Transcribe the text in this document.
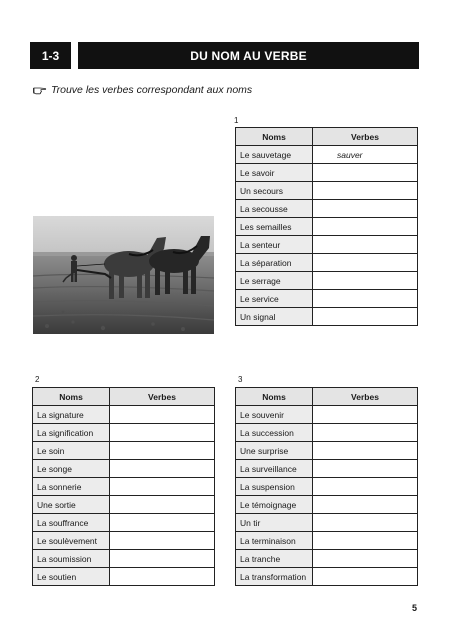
1-3	DU NOM AU VERBE
Trouve les verbes correspondant aux noms
1
2	3
Noms	Verbes
Le sauvetage	sauver
Le savoir	
Un secours	
La secousse	
Les semailles	
La senteur	
La séparation	
Le serrage	
Le service	
Un signal	
Noms	Verbes
La signature	
La signification	
Le soin	
Le songe	
La sonnerie	
Une sortie	
La souffrance	
Le soulèvement	
La soumission	
Le soutien	
Noms	Verbes
Le souvenir	
La succession	
Une surprise	
La surveillance	
La suspension	
Le témoignage	
Un tir	
La terminaison	
La tranche	
La transformation	
5
